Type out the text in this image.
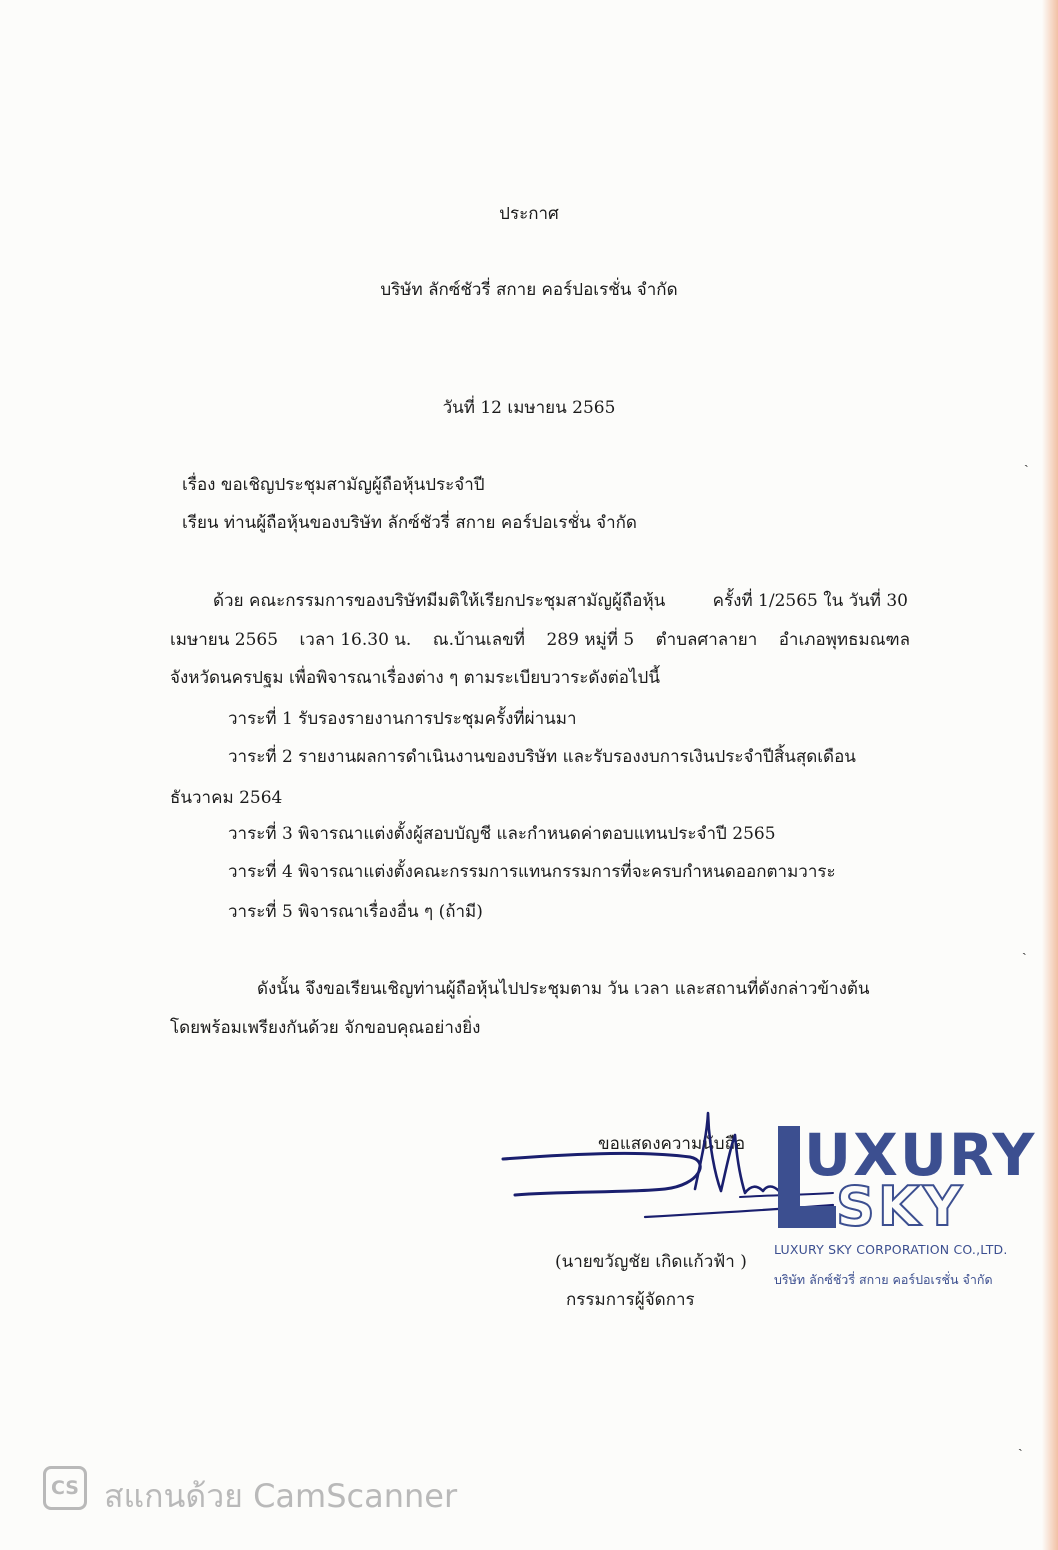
ประกาศ
บริษัท ลักซ์ชัวรี่ สกาย คอร์ปอเรชั่น จำกัด
วันที่ 12 เมษายน 2565
เรื่อง ขอเชิญประชุมสามัญผู้ถือหุ้นประจำปี
เรียน ท่านผู้ถือหุ้นของบริษัท ลักซ์ชัวรี่ สกาย คอร์ปอเรชั่น จำกัด
ด้วย คณะกรรมการของบริษัทมีมติให้เรียกประชุมสามัญผู้ถือหุ้น	ครั้งที่ 1/2565 ใน วันที่ 30
เมษายน 2565 เวลา 16.30 น. ณ.บ้านเลขที่ 289 หมู่ที่ 5 ตำบลศาลายา อำเภอพุทธมณฑล
จังหวัดนครปฐม เพื่อพิจารณาเรื่องต่าง ๆ ตามระเบียบวาระดังต่อไปนี้
วาระที่ 1 รับรองรายงานการประชุมครั้งที่ผ่านมา
วาระที่ 2 รายงานผลการดำเนินงานของบริษัท และรับรองงบการเงินประจำปีสิ้นสุดเดือน
ธันวาคม 2564
วาระที่ 3 พิจารณาแต่งตั้งผู้สอบบัญชี และกำหนดค่าตอบแทนประจำปี 2565
วาระที่ 4 พิจารณาแต่งตั้งคณะกรรมการแทนกรรมการที่จะครบกำหนดออกตามวาระ
วาระที่ 5 พิจารณาเรื่องอื่น ๆ (ถ้ามี)
ดังนั้น จึงขอเรียนเชิญท่านผู้ถือหุ้นไปประชุมตาม วัน เวลา และสถานที่ดังกล่าวข้างต้น
โดยพร้อมเพรียงกันด้วย จักขอบคุณอย่างยิ่ง
ขอแสดงความนับถือ UXURY
SKY
LUXURY SKY CORPORATION CO.,LTD.
บริษัท ลักซ์ชัวรี่ สกาย คอร์ปอเรชั่น จำกัด
(นายขวัญชัย เกิดแก้วฟ้า )
กรรมการผู้จัดการ
ˎ
ˎ
ˎ
CS สแกนด้วย CamScanner
